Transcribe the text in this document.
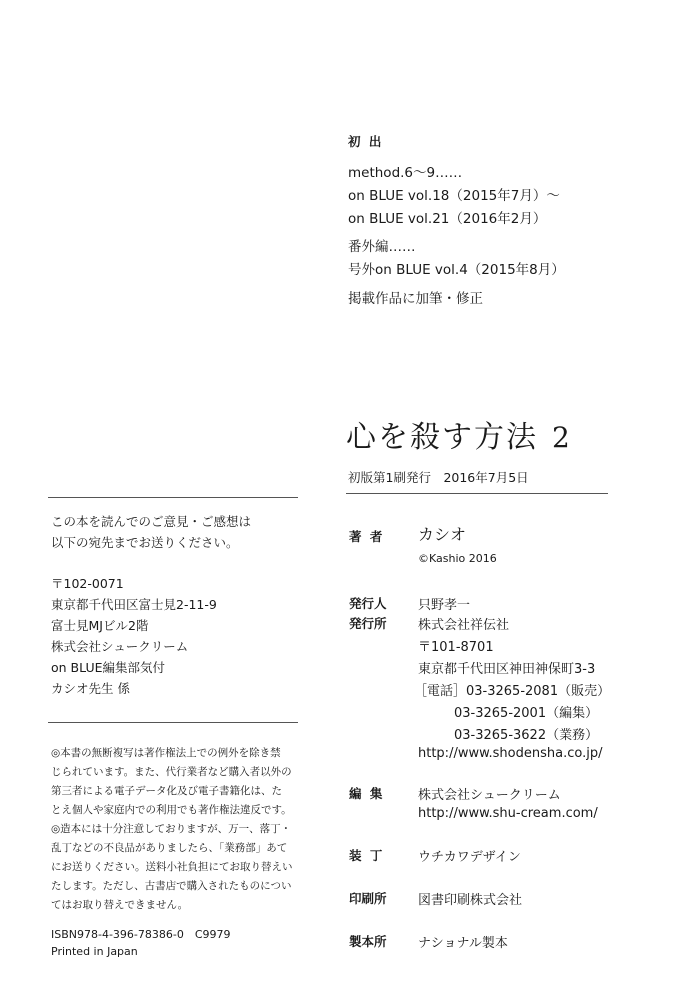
初 出
method.6～9……
on BLUE vol.18（2015年7月）～
on BLUE vol.21（2016年2月）
番外編……
号外on BLUE vol.4（2015年8月）
掲載作品に加筆・修正
心を殺す方法 2
初版第1刷発行　2016年7月5日
著 者 カシオ
©Kashio 2016
発行人 只野孝一
発行所 株式会社祥伝社
〒101-8701
東京都千代田区神田神保町3-3
［電話］03-3265-2081（販売）
03-3265-2001（編集）
03-3265-3622（業務）
http://www.shodensha.co.jp/
編 集	株式会社シュークリーム
http://www.shu-cream.com/
装 丁	ウチカワデザイン
印刷所 図書印刷株式会社
製本所 ナショナル製本
この本を読んでのご意見・ご感想は
以下の宛先までお送りください。
〒102-0071
東京都千代田区富士見2-11-9
富士見MJビル2階
株式会社シュークリーム
on BLUE編集部気付
カシオ先生 係
◎本書の無断複写は著作権法上での例外を除き禁
じられています。また、代行業者など購入者以外の
第三者による電子データ化及び電子書籍化は、た
とえ個人や家庭内での利用でも著作権法違反です。
◎造本には十分注意しておりますが、万一、落丁・
乱丁などの不良品がありましたら、「業務部」あて
にお送りください。送料小社負担にてお取り替えい
たします。ただし、古書店で購入されたものについ
てはお取り替えできません。
ISBN978-4-396-78386-0　C9979
Printed in Japan
